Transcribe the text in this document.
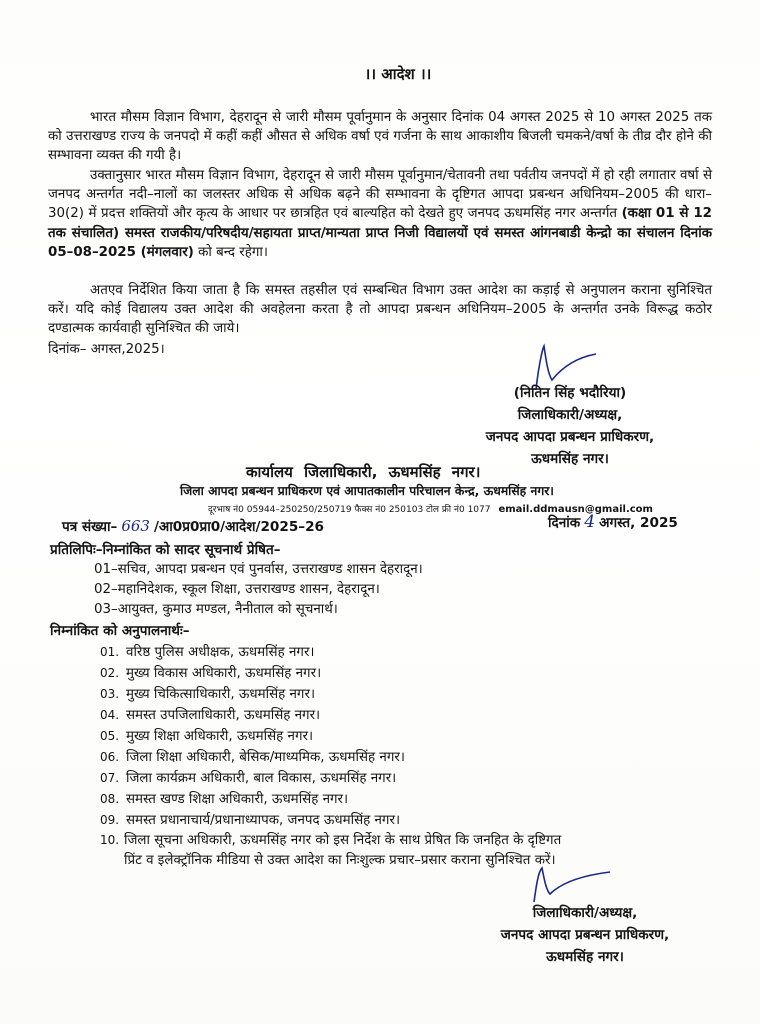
।। आदेश ।।
भारत मौसम विज्ञान विभाग, देहरादून से जारी मौसम पूर्वानुमान के अनुसार दिनांक 04 अगस्त 2025 से 10 अगस्त 2025 तक को उत्तराखण्ड राज्य के जनपदो में कहीं कहीं औसत से अधिक वर्षा एवं गर्जना के साथ आकाशीय बिजली चमकने/वर्षा के तीव्र दौर होने की सम्भावना व्यक्त की गयी है।
उक्तानुसार भारत मौसम विज्ञान विभाग, देहरादून से जारी मौसम पूर्वानुमान/चेतावनी तथा पर्वतीय जनपदों में हो रही लगातार वर्षा से जनपद अन्तर्गत नदी–नालों का जलस्तर अधिक से अधिक बढ़ने की सम्भावना के दृष्टिगत आपदा प्रबन्धन अधिनियम–2005 की धारा–30(2) में प्रदत्त शक्तियों और कृत्य के आधार पर छात्रहित एवं बाल्यहित को देखते हुए जनपद ऊधमसिंह नगर अन्तर्गत (कक्षा 01 से 12 तक संचालित) समस्त राजकीय/परिषदीय/सहायता प्राप्त/मान्यता प्राप्त निजी विद्यालयों एवं समस्त आंगनबाडी केन्द्रो का संचालन दिनांक 05–08–2025 (मंगलवार) को बन्द रहेगा।
अतएव निर्देशित किया जाता है कि समस्त तहसील एवं सम्बन्धित विभाग उक्त आदेश का कड़ाई से अनुपालन कराना सुनिश्चित करें। यदि कोई विद्यालय उक्त आदेश की अवहेलना करता है तो आपदा प्रबन्धन अधिनियम–2005 के अन्तर्गत उनके विरूद्ध कठोर दण्डात्मक कार्यवाही सुनिश्चित की जाये।
दिनांक– अगस्त,2025।
(नितिन सिंह भदौरिया)
जिलाधिकारी/अध्यक्ष,
जनपद आपदा प्रबन्धन प्राधिकरण,
ऊधमसिंह नगर।
कार्यालय जिलाधिकारी, ऊधमसिंह नगर।
जिला आपदा प्रबन्धन प्राधिकरण एवं आपातकालीन परिचालन केन्द्र, ऊधमसिंह नगर।
दूरभाष नं0 05944–250250/250719 फैक्स नं0 250103 टोल फ्री नं0 1077 email.ddmausn@gmail.com
पत्र संख्या– 663 /आ0प्र0प्रा0/आदेश/2025–26	दिनांक 4 अगस्त, 2025
प्रतिलिपिः–निम्नांकित को सादर सूचनार्थ प्रेषित–
01–सचिव, आपदा प्रबन्धन एवं पुनर्वास, उत्तराखण्ड शासन देहरादून।
02–महानिदेशक, स्कूल शिक्षा, उत्तराखण्ड शासन, देहरादून।
03–आयुक्त, कुमाउ मण्डल, नैनीताल को सूचनार्थ।
निम्नांकित को अनुपालनार्थः–
01. वरिष्ठ पुलिस अधीक्षक, ऊधमसिंह नगर।
02. मुख्य विकास अधिकारी, ऊधमसिंह नगर।
03. मुख्य चिकित्साधिकारी, ऊधमसिंह नगर।
04. समस्त उपजिलाधिकारी, ऊधमसिंह नगर।
05. मुख्य शिक्षा अधिकारी, ऊधमसिंह नगर।
06. जिला शिक्षा अधिकारी, बेसिक/माध्यमिक, ऊधमसिंह नगर।
07. जिला कार्यक्रम अधिकारी, बाल विकास, ऊधमसिंह नगर।
08. समस्त खण्ड शिक्षा अधिकारी, ऊधमसिंह नगर।
09. समस्त प्रधानाचार्य/प्रधानाध्यापक, जनपद ऊधमसिंह नगर।
10. जिला सूचना अधिकारी, ऊधमसिंह नगर को इस निर्देश के साथ प्रेषित कि जनहित के दृष्टिगत
प्रिंट व इलेक्ट्रॉनिक मीडिया से उक्त आदेश का निःशुल्क प्रचार–प्रसार कराना सुनिश्चित करें।
जिलाधिकारी/अध्यक्ष,
जनपद आपदा प्रबन्धन प्राधिकरण,
ऊधमसिंह नगर।
